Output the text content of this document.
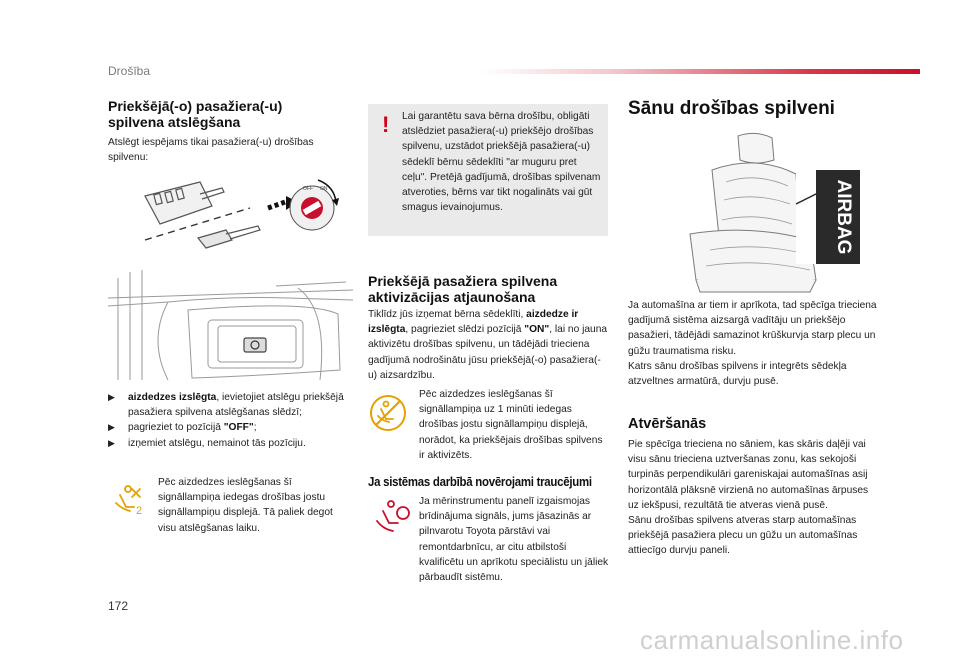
Drošība
Priekšējā(-o) pasažiera(-u)
spilvena atslēgšana
Atslēgt iespējams tikai pasažiera(-u) drošības spilvenu:
OFF ON
▶ aizdedzes izslēgta, ievietojiet atslēgu priekšējā pasažiera spilvena atslēgšanas slēdzī;
▶ pagrieziet to pozīcijā "OFF";
▶ izņemiet atslēgu, nemainot tās pozīciju.
2
Pēc aizdedzes ieslēgšanas šī signāllampiņa iedegas drošības jostu signāllampiņu displejā. Tā paliek degot visu atslēgšanas laiku.
! Lai garantētu sava bērna drošību, obligāti atslēdziet pasažiera(-u) priekšējo drošības spilvenu, uzstādot priekšējā pasažiera(-u) sēdeklī bērnu sēdeklīti "ar muguru pret ceļu". Pretējā gadījumā, drošības spilvenam atveroties, bērns var tikt nogalināts vai gūt smagus ievainojumus.
Priekšējā pasažiera spilvena
aktivizācijas atjaunošana
Tiklīdz jūs izņemat bērna sēdeklīti, aizdedze ir izslēgta, pagrieziet slēdzi pozīcijā "ON", lai no jauna aktivizētu drošības spilvenu, un tādējādi trieciena gadījumā nodrošinātu jūsu priekšējā(-o) pasažiera(-u) aizsardzību.
Pēc aizdedzes ieslēgšanas šī signāllampiņa uz 1 minūti iedegas drošības jostu signāllampiņu displejā, norādot, ka priekšējais drošības spilvens ir aktivizēts.
Ja sistēmas darbībā novērojami traucējumi
Ja mērinstrumentu panelī izgaismojas brīdinājuma signāls, jums jāsazinās ar pilnvarotu Toyota pārstāvi vai remontdarbnīcu, ar citu atbilstoši kvalificētu un aprīkotu speciālistu un jāliek pārbaudīt sistēmu.
Sānu drošības spilveni
AIRBAG
Ja automašīna ar tiem ir aprīkota, tad spēcīga trieciena gadījumā sistēma aizsargā vadītāju un priekšējo pasažieri, tādējādi samazinot krūškurvja starp plecu un gūžu traumatisma risku.
Katrs sānu drošības spilvens ir integrēts sēdekļa atzveltnes armatūrā, durvju pusē.
Atvēršanās
Pie spēcīga trieciena no sāniem, kas skāris daļēji vai visu sānu trieciena uztveršanas zonu, kas sekojoši turpinās perpendikulāri gareniskajai automašīnas asij horizontālā plāksnē virzienā no automašīnas ārpuses uz iekšpusi, rezultātā tie atveras vienā pusē.
Sānu drošības spilvens atveras starp automašīnas priekšējā pasažiera plecu un gūžu un automašīnas attiecīgo durvju paneli.
172
carmanualsonline.info
